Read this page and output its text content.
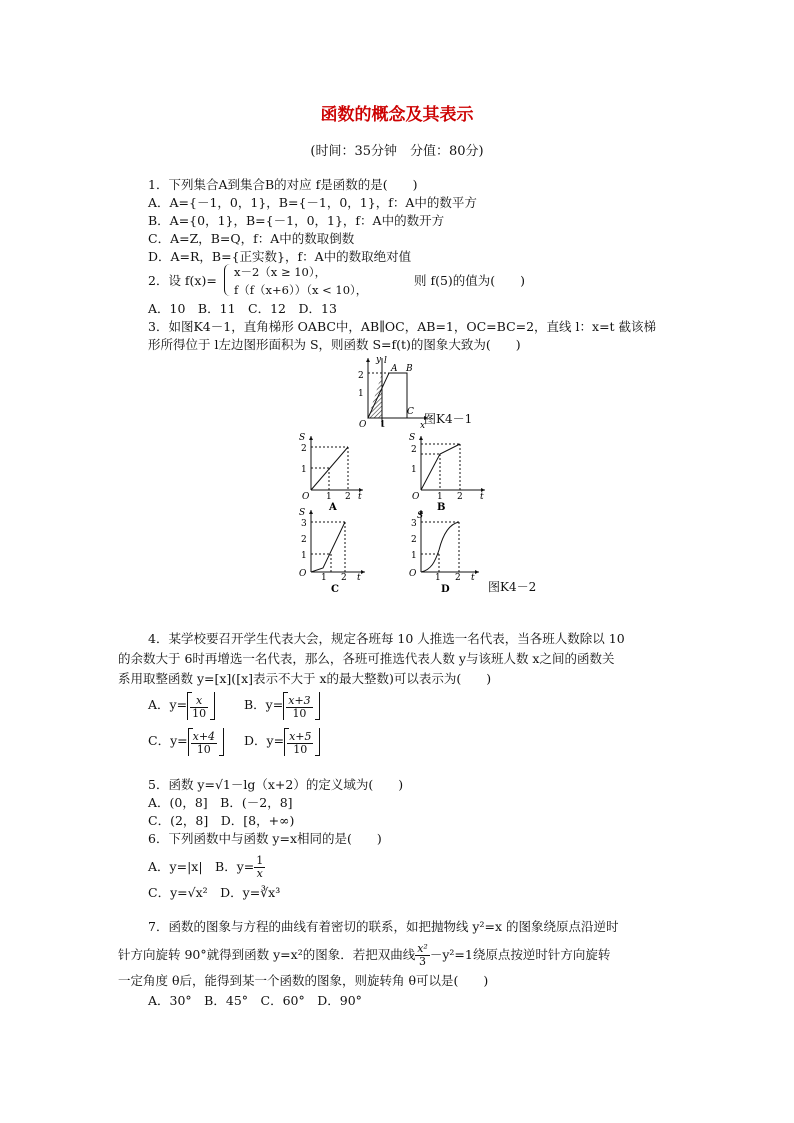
函数的概念及其表示
(时间：35分钟　分值：80分)
1．下列集合A到集合B的对应 f是函数的是(　　)
A．A={－1，0，1}，B={－1，0，1}，f：A中的数平方
B．A={0，1}，B={－1，0，1}，f：A中的数开方
C．A=Z，B=Q，f：A中的数取倒数
D．A=R，B={正实数}，f：A中的数取绝对值
2．设 f(x)=
x－2（x ≥ 10），
f（f（x+6））（x < 10），
则 f(5)的值为(　　)
A．10　B．11　C．12　D．13
3．如图K4－1，直角梯形 OABC中，AB∥OC，AB=1，OC=BC=2，直线 l：x=t 截该梯
形所得位于 l左边图形面积为 S，则函数 S=f(t)的图象大致为(　　)
y l
2
1
O 1	x
A B
C 图K4－1
S
2
1
O 1 2 t
A
S
2
1
O 1 2 t
B
S
3
2
1
O 1 2 t
C
S
3
2
1
O 1 2 t
D	图K4－2
4．某学校要召开学生代表大会，规定各班每 10 人推选一名代表，当各班人数除以 10
的余数大于 6时再增选一名代表，那么，各班可推选代表人数 y与该班人数 x之间的函数关
系用取整函数 y=[x]([x]表示不大于 x的最大整数)可以表示为(　　)
A．$y= \frac{x}{10}$	B．$y= \frac{x+3}{10}$
C．$y= \frac{x+4}{10}$ D．$y= \frac{x+5}{10}$
5．函数 y=√1－lg（x+2）的定义域为(　　)
A．(0，8]　B．(－2，8]
C．(2，8]　D．[8，+∞)
6．下列函数中与函数 y=x相同的是(　　)
A．y=|x|　B．$y= \frac{1}{x}$
C．y=√x²　D．y=∛x³
7．函数的图象与方程的曲线有着密切的联系，如把抛物线 y²=x 的图象绕原点沿逆时
针方向旋转 90°就得到函数 y=x²的图象．若把双曲线 $\frac{\text{x²}}{3} -y^2=1$绕原点按逆时针方向旋转
一定角度 θ后，能得到某一个函数的图象，则旋转角 θ可以是(　　)
A．30°　B．45°　C．60°　D．90°
